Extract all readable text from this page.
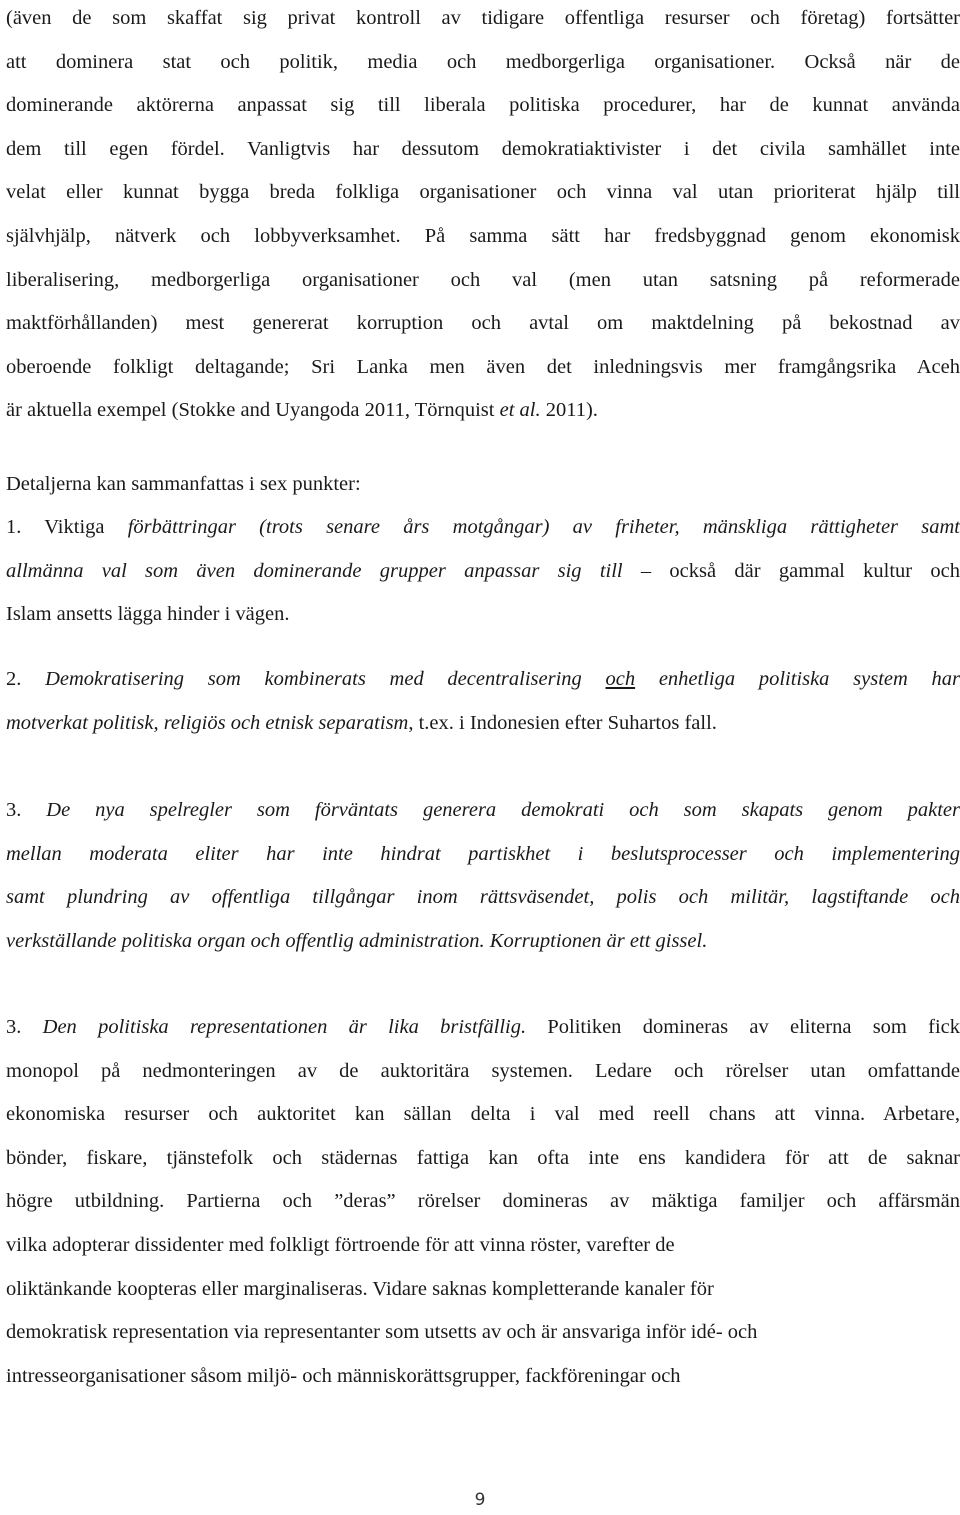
(även de som skaffat sig privat kontroll av tidigare offentliga resurser och företag) fortsätter
att dominera stat och politik, media och medborgerliga organisationer. Också när de
dominerande aktörerna anpassat sig till liberala politiska procedurer, har de kunnat använda
dem till egen fördel. Vanligtvis har dessutom demokratiaktivister i det civila samhället inte
velat eller kunnat bygga breda folkliga organisationer och vinna val utan prioriterat hjälp till
självhjälp, nätverk och lobbyverksamhet. På samma sätt har fredsbyggnad genom ekonomisk
liberalisering, medborgerliga organisationer och val (men utan satsning på reformerade
maktförhållanden) mest genererat korruption och avtal om maktdelning på bekostnad av
oberoende folkligt deltagande; Sri Lanka men även det inledningsvis mer framgångsrika Aceh
är aktuella exempel (Stokke and Uyangoda 2011, Törnquist et al. 2011).
Detaljerna kan sammanfattas i sex punkter:
1. Viktiga förbättringar (trots senare års motgångar) av friheter, mänskliga rättigheter samt
allmänna val som även dominerande grupper anpassar sig till – också där gammal kultur och
Islam ansetts lägga hinder i vägen.
2. Demokratisering som kombinerats med decentralisering och enhetliga politiska system har
motverkat politisk, religiös och etnisk separatism, t.ex. i Indonesien efter Suhartos fall.
3. De nya spelregler som förväntats generera demokrati och som skapats genom pakter
mellan moderata eliter har inte hindrat partiskhet i beslutsprocesser och implementering
samt plundring av offentliga tillgångar inom rättsväsendet, polis och militär, lagstiftande och
verkställande politiska organ och offentlig administration. Korruptionen är ett gissel.
3. Den politiska representationen är lika bristfällig. Politiken domineras av eliterna som fick
monopol på nedmonteringen av de auktoritära systemen. Ledare och rörelser utan omfattande
ekonomiska resurser och auktoritet kan sällan delta i val med reell chans att vinna. Arbetare,
bönder, fiskare, tjänstefolk och städernas fattiga kan ofta inte ens kandidera för att de saknar
högre utbildning. Partierna och ”deras” rörelser domineras av mäktiga familjer och affärsmän
vilka adopterar dissidenter med folkligt förtroende för att vinna röster, varefter de
oliktänkande koopteras eller marginaliseras. Vidare saknas kompletterande kanaler för
demokratisk representation via representanter som utsetts av och är ansvariga inför idé- och
intresseorganisationer såsom miljö- och människorättsgrupper, fackföreningar och
9
